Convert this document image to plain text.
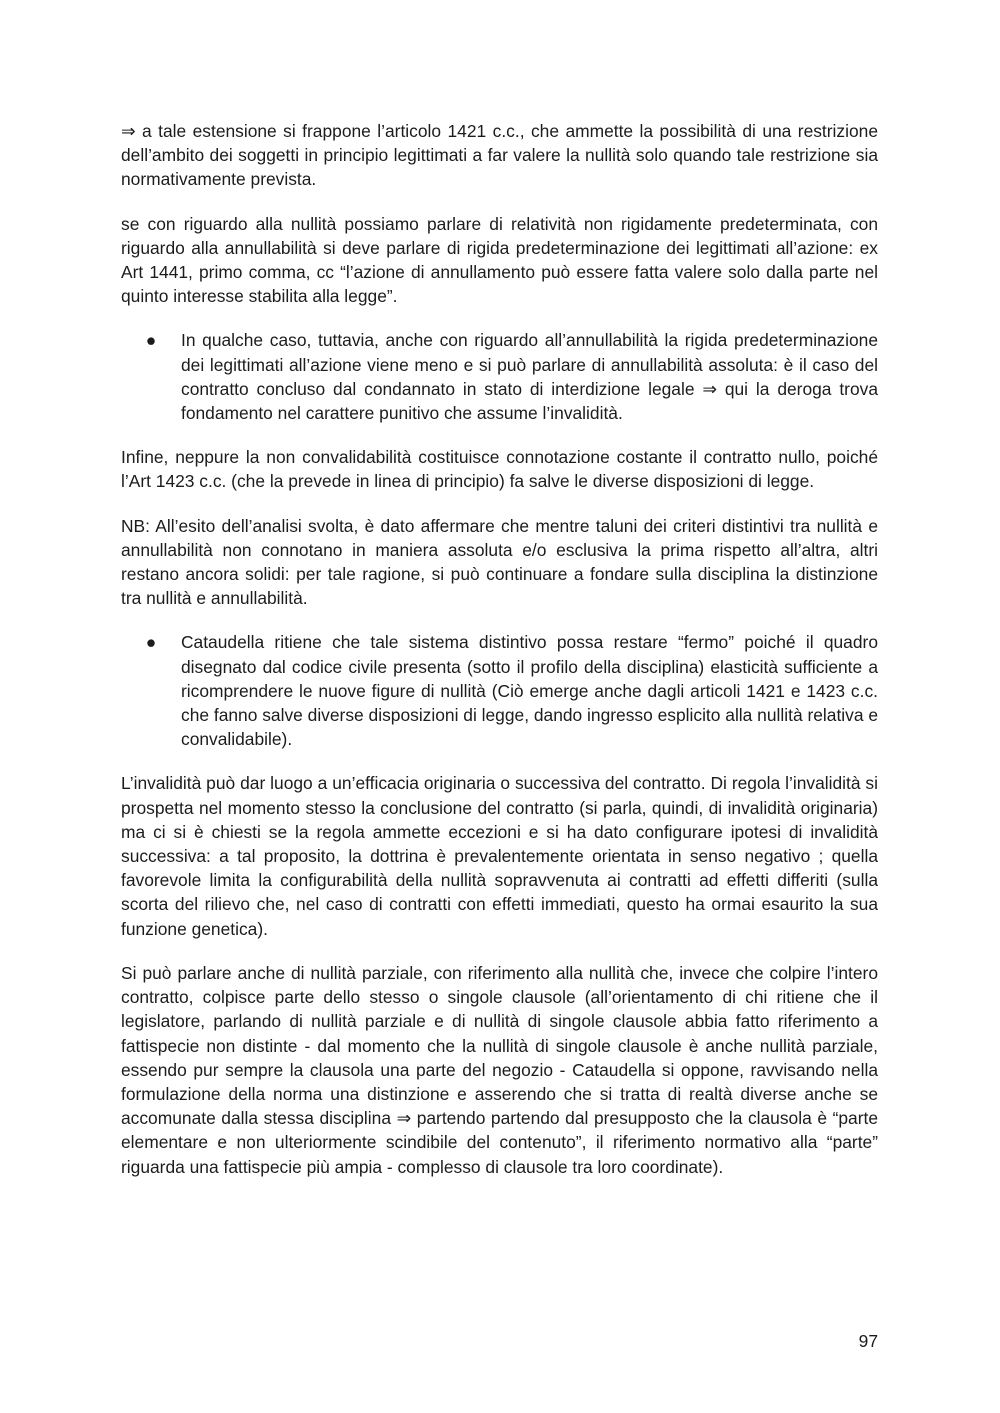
⇒ a tale estensione si frappone l’articolo 1421 c.c., che ammette la possibilità di una restrizione dell’ambito dei soggetti in principio legittimati a far valere la nullità solo quando tale restrizione sia normativamente prevista.

se con riguardo alla nullità possiamo parlare di relatività non rigidamente predeterminata, con riguardo alla annullabilità si deve parlare di rigida predeterminazione dei legittimati all’azione: ex Art 1441, primo comma, cc “l’azione di annullamento può essere fatta valere solo dalla parte nel quinto interesse stabilita alla legge”.

● In qualche caso, tuttavia, anche con riguardo all’annullabilità la rigida predeterminazione dei legittimati all’azione viene meno e si può parlare di annullabilità assoluta: è il caso del contratto concluso dal condannato in stato di interdizione legale ⇒ qui la deroga trova fondamento nel carattere punitivo che assume l’invalidità.

Infine, neppure la non convalidabilità costituisce connotazione costante il contratto nullo, poiché l’Art 1423 c.c. (che la prevede in linea di principio) fa salve le diverse disposizioni di legge.

NB: All’esito dell’analisi svolta, è dato affermare che mentre taluni dei criteri distintivi tra nullità e annullabilità non connotano in maniera assoluta e/o esclusiva la prima rispetto all’altra, altri restano ancora solidi: per tale ragione, si può continuare a fondare sulla disciplina la distinzione tra nullità e annullabilità.

● Cataudella ritiene che tale sistema distintivo possa restare “fermo” poiché il quadro disegnato dal codice civile presenta (sotto il profilo della disciplina) elasticità sufficiente a ricomprendere le nuove figure di nullità (Ciò emerge anche dagli articoli 1421 e 1423 c.c. che fanno salve diverse disposizioni di legge, dando ingresso esplicito alla nullità relativa e convalidabile).

L’invalidità può dar luogo a un’efficacia originaria o successiva del contratto. Di regola l’invalidità si prospetta nel momento stesso la conclusione del contratto (si parla, quindi, di invalidità originaria) ma ci si è chiesti se la regola ammette eccezioni e si ha dato configurare ipotesi di invalidità successiva: a tal proposito, la dottrina è prevalentemente orientata in senso negativo ; quella favorevole limita la configurabilità della nullità sopravvenuta ai contratti ad effetti differiti (sulla scorta del rilievo che, nel caso di contratti con effetti immediati, questo ha ormai esaurito la sua funzione genetica).

Si può parlare anche di nullità parziale, con riferimento alla nullità che, invece che colpire l’intero contratto, colpisce parte dello stesso o singole clausole (all’orientamento di chi ritiene che il legislatore, parlando di nullità parziale e di nullità di singole clausole abbia fatto riferimento a fattispecie non distinte - dal momento che la nullità di singole clausole è anche nullità parziale, essendo pur sempre la clausola una parte del negozio - Cataudella si oppone, ravvisando nella formulazione della norma una distinzione e asserendo che si tratta di realtà diverse anche se accomunate dalla stessa disciplina ⇒ partendo partendo dal presupposto che la clausola è “parte elementare e non ulteriormente scindibile del contenuto”, il riferimento normativo alla “parte” riguarda una fattispecie più ampia - complesso di clausole tra loro coordinate).

97
